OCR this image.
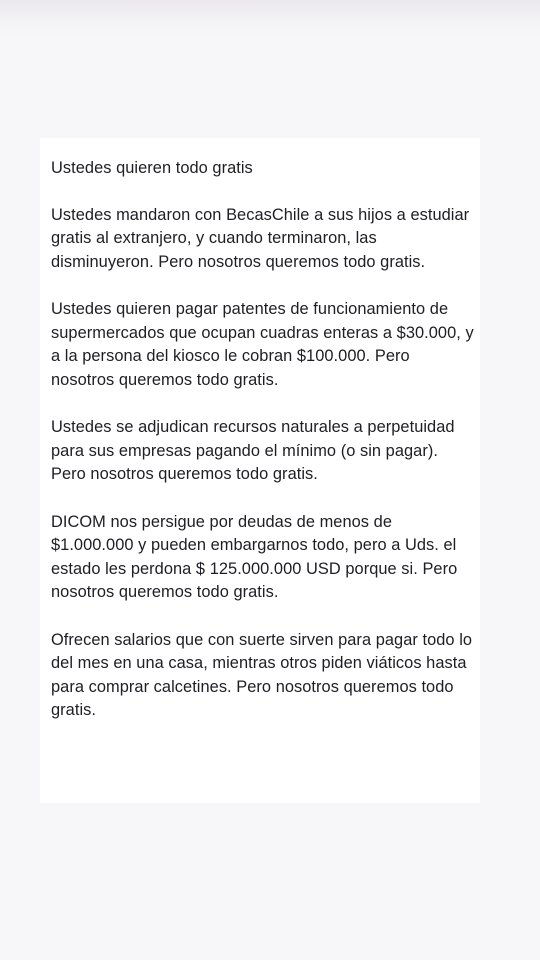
Ustedes quieren todo gratis

Ustedes mandaron con BecasChile a sus hijos a estudiar gratis al extranjero, y cuando terminaron, las disminuyeron. Pero nosotros queremos todo gratis.

Ustedes quieren pagar patentes de funcionamiento de supermercados que ocupan cuadras enteras a $30.000, y a la persona del kiosco le cobran $100.000. Pero nosotros queremos todo gratis.

Ustedes se adjudican recursos naturales a perpetuidad para sus empresas pagando el mínimo (o sin pagar). Pero nosotros queremos todo gratis.

DICOM nos persigue por deudas de menos de $1.000.000 y pueden embargarnos todo, pero a Uds. el estado les perdona $ 125.000.000 USD porque si. Pero nosotros queremos todo gratis.

Ofrecen salarios que con suerte sirven para pagar todo lo del mes en una casa, mientras otros piden viáticos hasta para comprar calcetines. Pero nosotros queremos todo gratis.
